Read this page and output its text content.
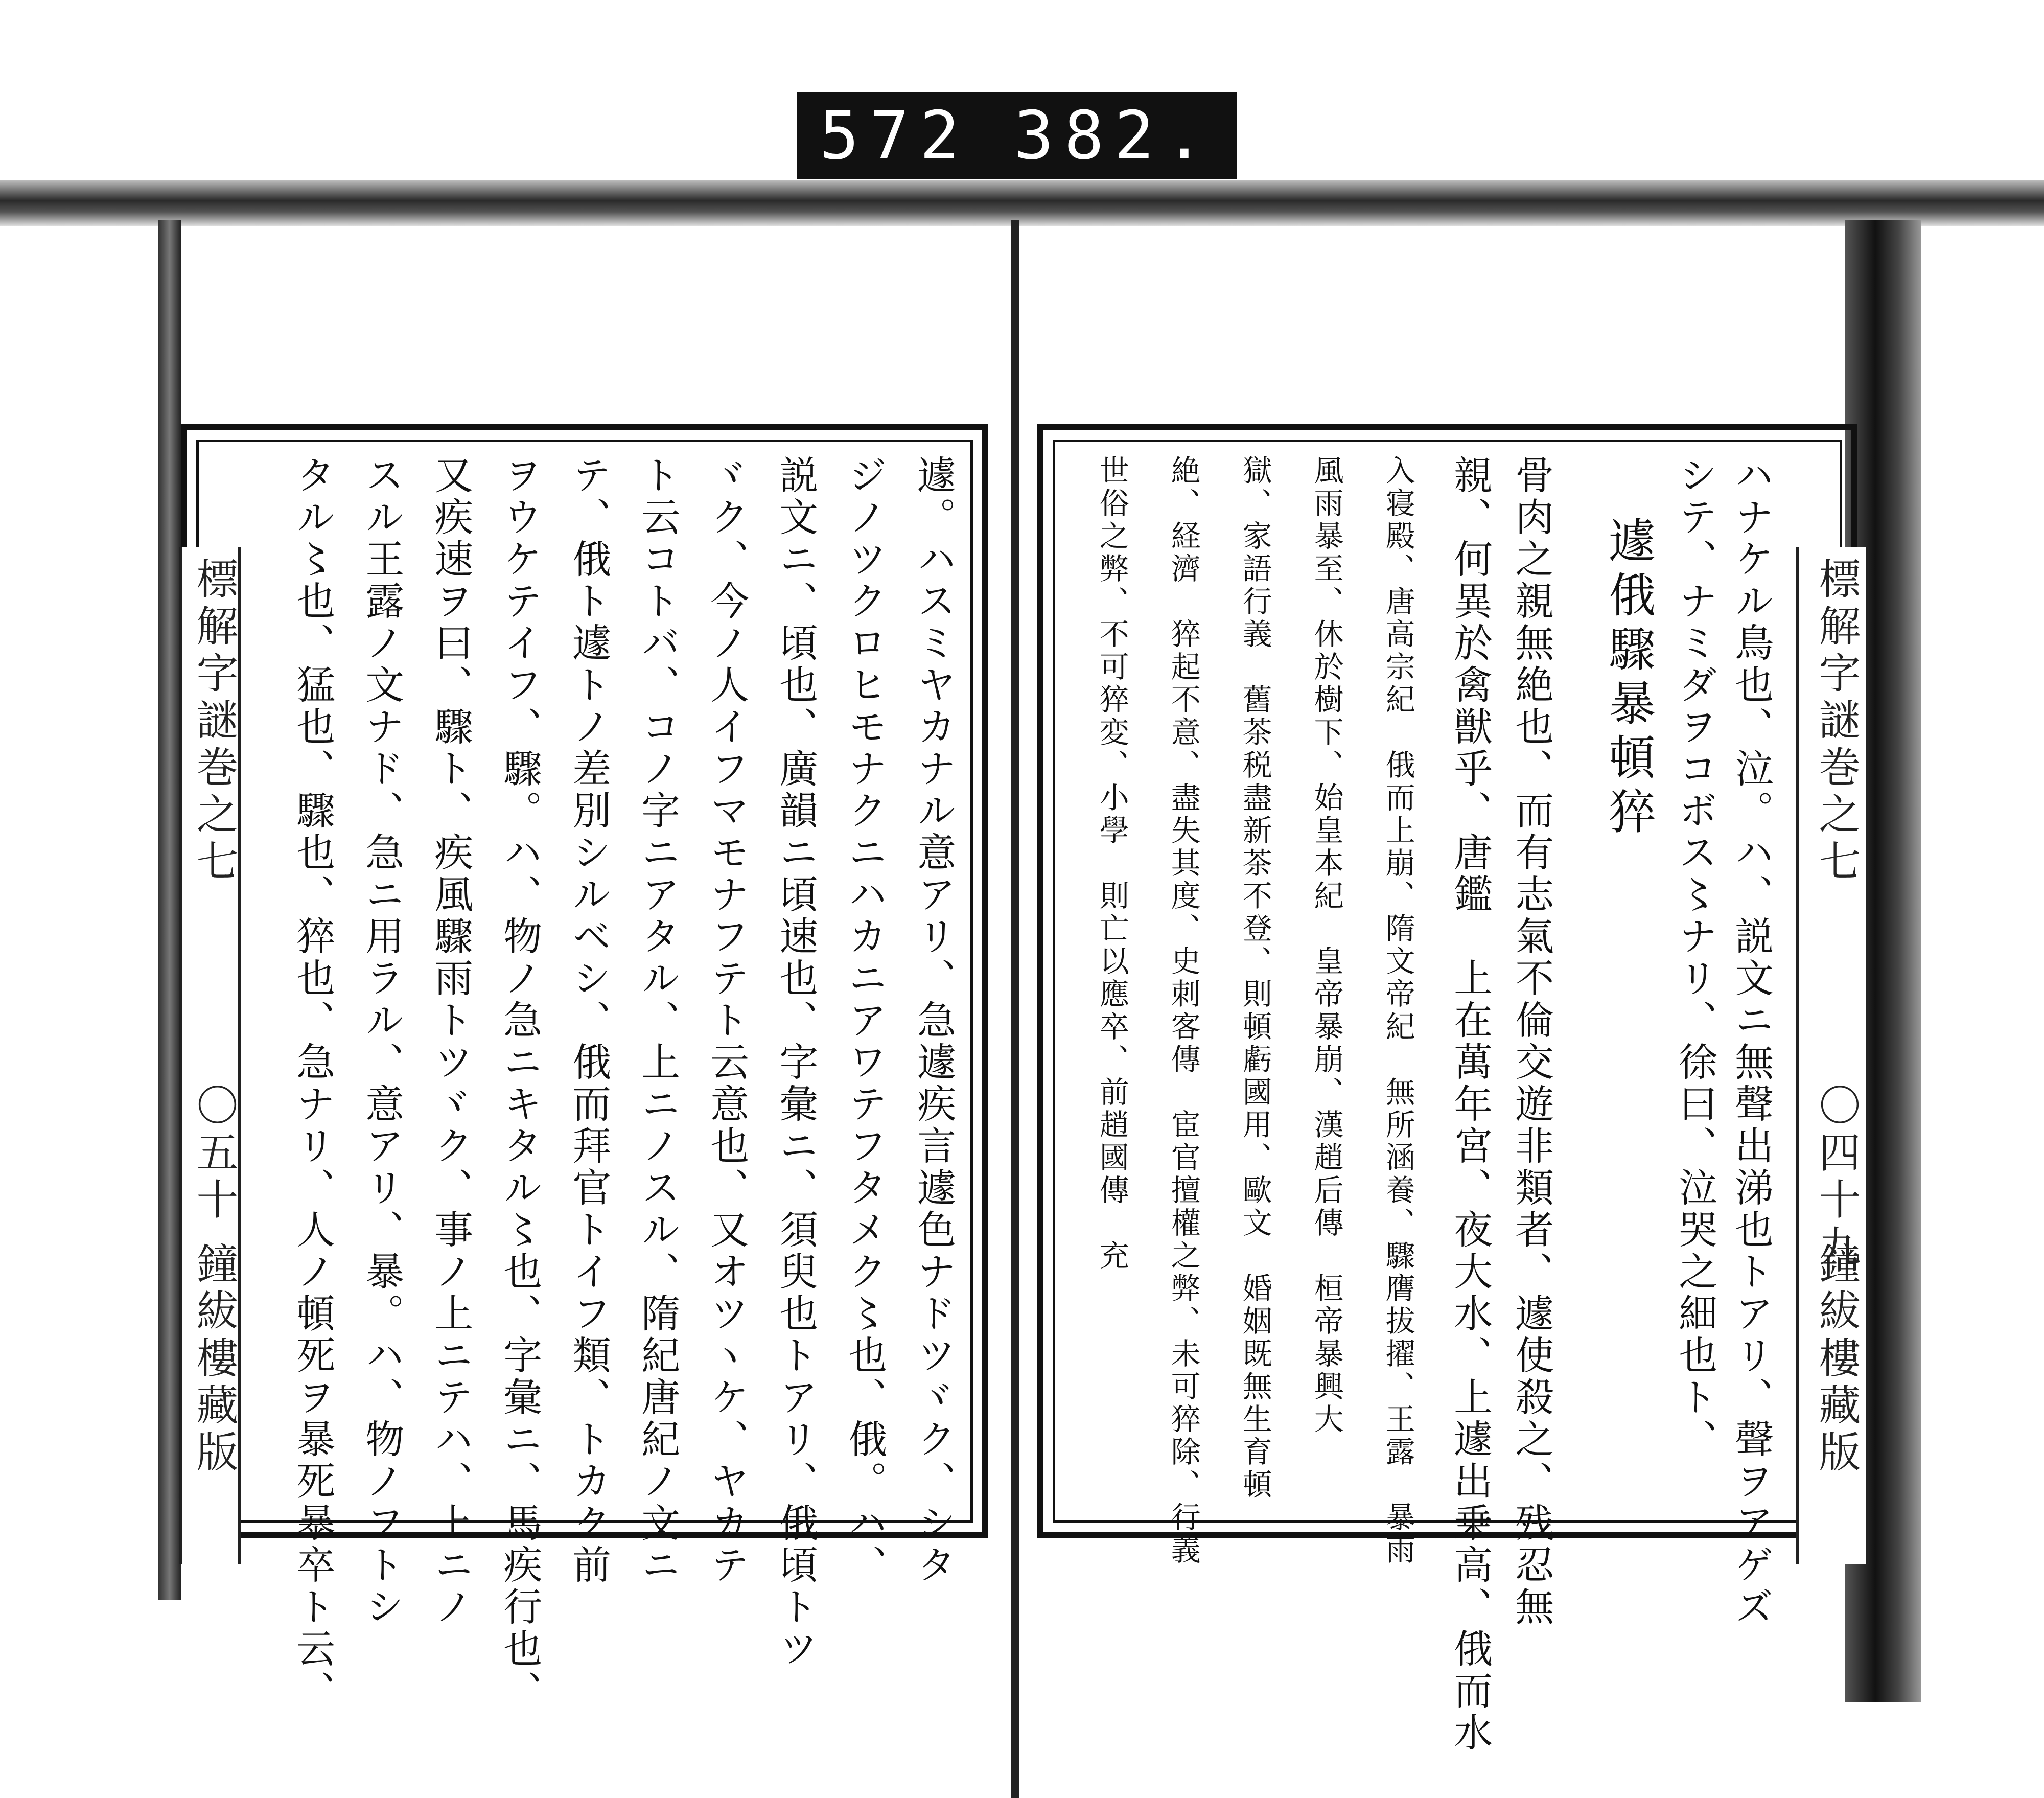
572 382.
標解字謎巻之七
〇四十九
鐘紱樓藏版
ハナケル鳥也、泣。ハ、説文ニ無聲出涕也トアリ、聲ヲアゲズ
シテ、ナミダヲコボス〻ナリ、徐曰、泣哭之細也ト、
遽俄驟暴頓猝
骨肉之親無絶也、而有志氣不倫交遊非類者、遽使殺之、残忍無
親、何異於禽獣乎、唐鑑　上在萬年宮、夜大水、上遽出乗高、俄而水
入寝殿、唐高宗紀　俄而上崩、隋文帝紀　無所涵養、驟膺拔擢、王露　暴雨
風雨暴至、休於樹下、始皇本紀　皇帝暴崩、漢趙后傳　桓帝暴興大
獄、家語行義　舊茶税盡新茶不登、則頓虧國用、歐文　婚姻既無生育頓
絶、経濟　猝起不意、盡失其度、史刺客傳　宦官擅權之弊、未可猝除、行義
世俗之弊、不可猝変、小學　則亡以應卒、前趙國傳　充
標解字謎巻之七
〇五十
鐘紱樓藏版	遽。ハスミヤカナル意アリ、急遽疾言遽色ナドツヾク、シタ
ジノツクロヒモナクニハカニアワテフタメク〻也、俄。ハ、
説文ニ、頃也、廣韻ニ頃速也、字彙ニ、須臾也トアリ、俄頃トツ
ヾク、今ノ人イフマモナフテト云意也、又オツヽケ、ヤカテ
ト云コトバ、コノ字ニアタル、上ニノスル、隋紀唐紀ノ文ニ
テ、俄ト遽トノ差別シルベシ、俄而拜官トイフ類、トカク前
ヲウケテイフ、驟。ハ、物ノ急ニキタル〻也、字彙ニ、馬疾行也、
又疾速ヲ曰、驟ト、疾風驟雨トツヾク、事ノ上ニテハ、上ニノ
スル王露ノ文ナド、急ニ用ラル、意アリ、暴。ハ、物ノフトシ
タル〻也、猛也、驟也、猝也、急ナリ、人ノ頓死ヲ暴死暴卒ト云、
